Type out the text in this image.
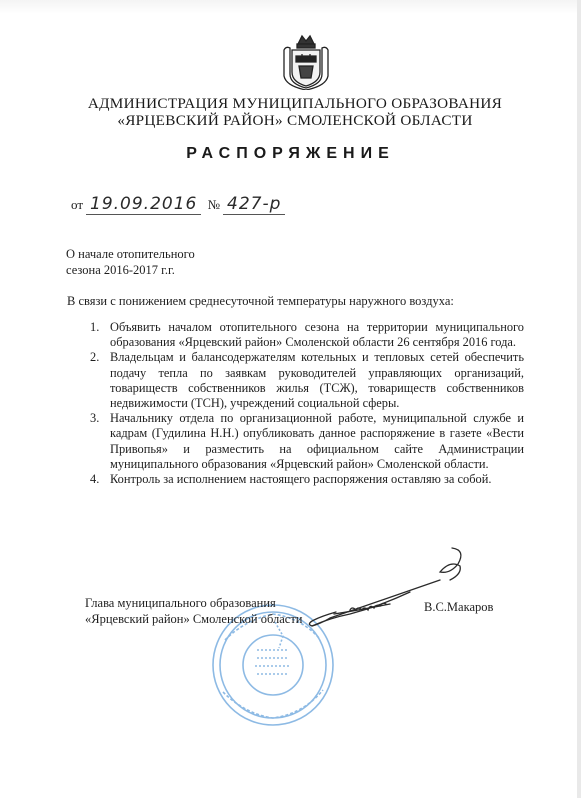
АДМИНИСТРАЦИЯ МУНИЦИПАЛЬНОГО ОБРАЗОВАНИЯ
«ЯРЦЕВСКИЙ РАЙОН» СМОЛЕНСКОЙ ОБЛАСТИ
РАСПОРЯЖЕНИЕ
от 19.09.2016 № 427-р
О начале отопительного
сезона 2016-2017 г.г.
В связи с понижением среднесуточной температуры наружного воздуха:
1. Объявить началом отопительного сезона на территории муниципального образования «Ярцевский район» Смоленской области 26 сентября 2016 года.
2. Владельцам и балансодержателям котельных и тепловых сетей обеспечить подачу тепла по заявкам руководителей управляющих организаций, товариществ собственников жилья (ТСЖ), товариществ собственников недвижимости (ТСН), учреждений социальной сферы.
3. Начальнику отдела по организационной работе, муниципальной службе и кадрам (Гудилина Н.Н.) опубликовать данное распоряжение в газете «Вести Привопья» и разместить на официальном сайте Администрации муниципального образования «Ярцевский район» Смоленской области.
4. Контроль за исполнением настоящего распоряжения оставляю за собой.
Глава муниципального образования
«Ярцевский район» Смоленской области
В.С.Макаров
